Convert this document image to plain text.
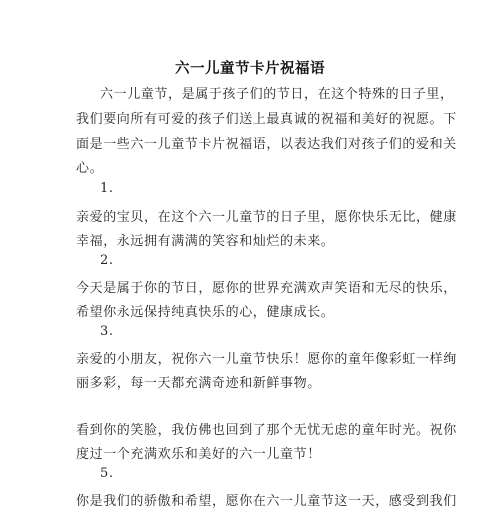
六一儿童节卡片祝福语
六一儿童节，是属于孩子们的节日，在这个特殊的日子里，
我们要向所有可爱的孩子们送上最真诚的祝福和美好的祝愿。下
面是一些六一儿童节卡片祝福语，以表达我们对孩子们的爱和关
心。
1.
亲爱的宝贝，在这个六一儿童节的日子里，愿你快乐无比，健康
幸福，永远拥有满满的笑容和灿烂的未来。
2.
今天是属于你的节日，愿你的世界充满欢声笑语和无尽的快乐，
希望你永远保持纯真快乐的心，健康成长。
3.
亲爱的小朋友，祝你六一儿童节快乐！愿你的童年像彩虹一样绚
丽多彩，每一天都充满奇迹和新鲜事物。
看到你的笑脸，我仿佛也回到了那个无忧无虑的童年时光。祝你
度过一个充满欢乐和美好的六一儿童节！
5.
你是我们的骄傲和希望，愿你在六一儿童节这一天，感受到我们
